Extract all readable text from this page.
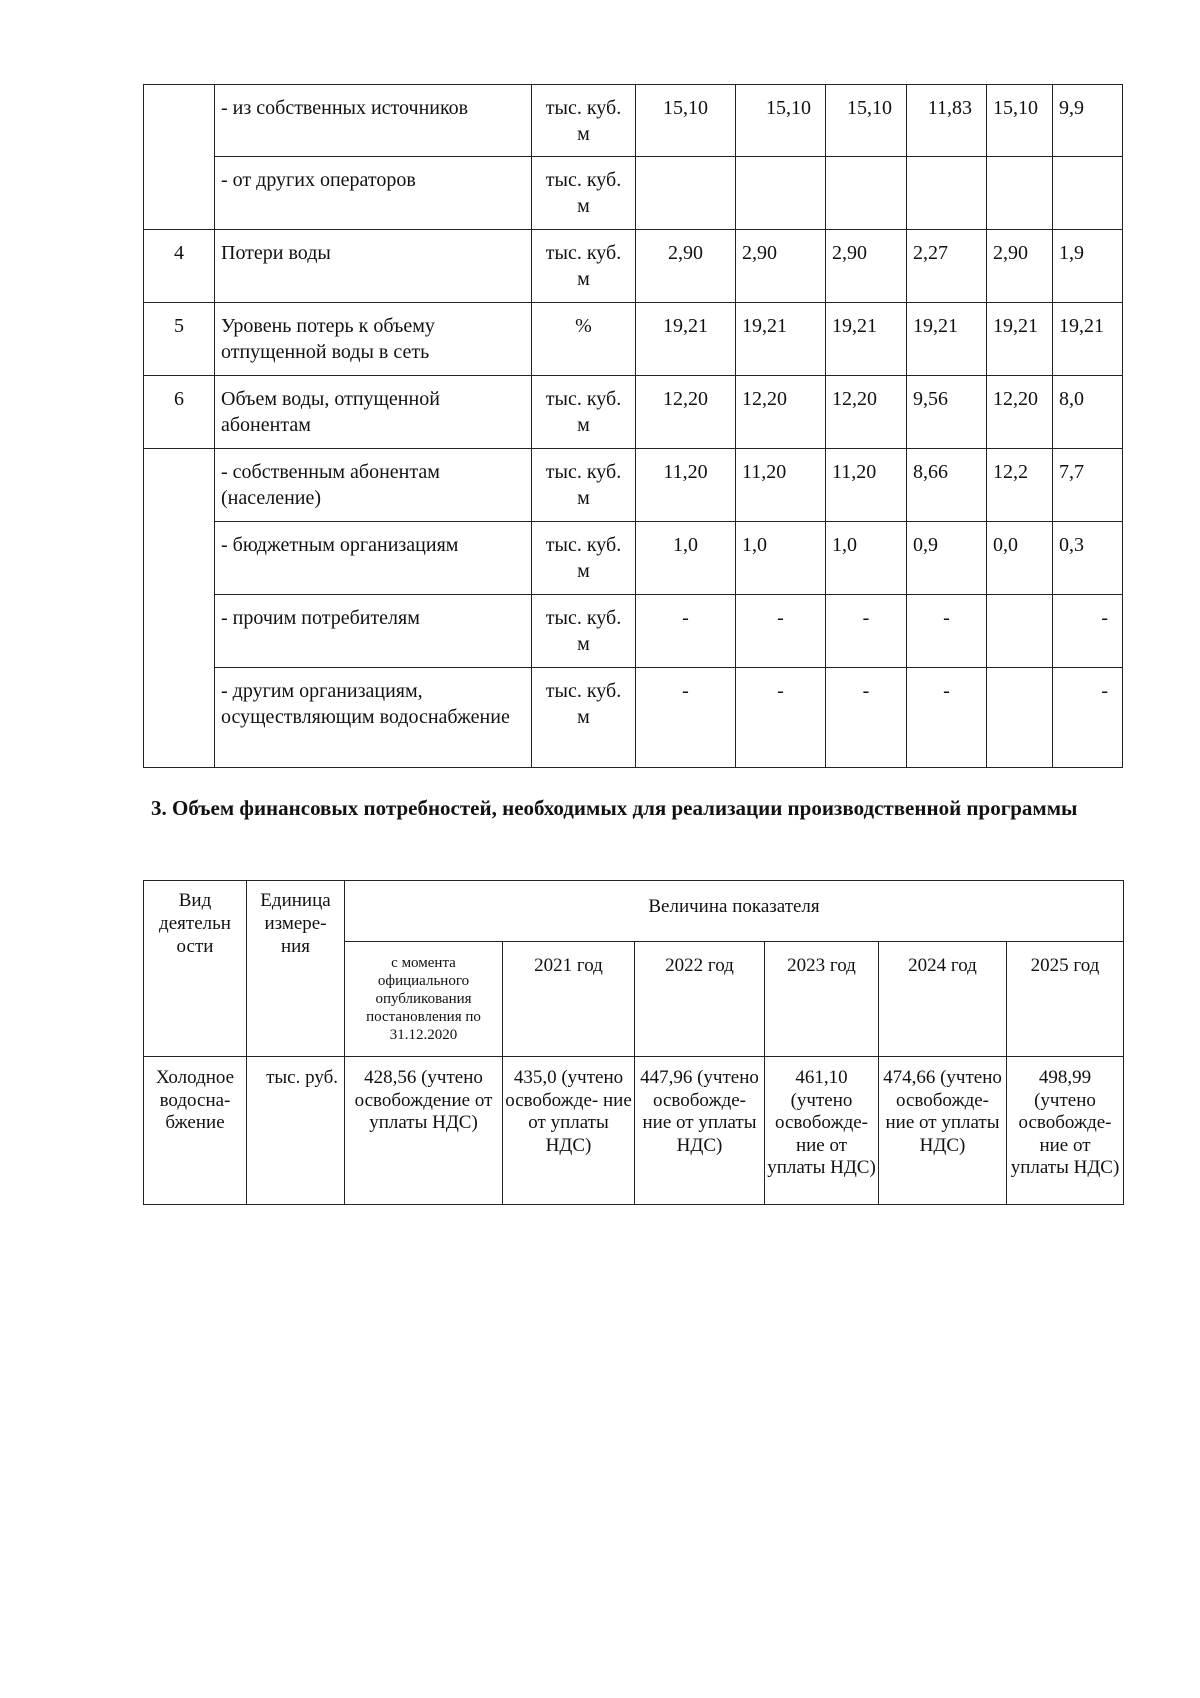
	- из собственных источников	тыс. куб. м	15,10	15,10	15,10	11,83	15,10	9,9
	- от других операторов	тыс. куб. м						
4	Потери воды	тыс. куб. м	2,90	2,90	2,90	2,27	2,90	1,9
5	Уровень потерь к объему отпущенной воды в сеть	%	19,21	19,21	19,21	19,21	19,21	19,21
6	Объем воды, отпущенной абонентам	тыс. куб. м	12,20	12,20	12,20	9,56	12,20	8,0
	- собственным абонентам (население)	тыс. куб. м	11,20	11,20	11,20	8,66	12,2	7,7
	- бюджетным организациям	тыс. куб. м	1,0	1,0	1,0	0,9	0,0	0,3
	- прочим потребителям	тыс. куб. м	-	-	-	-		-
	- другим организациям, осуществляющим водоснабжение	тыс. куб. м	-	-	-	-		-

3. Объем финансовых потребностей, необходимых для реализации производственной программы

Вид деятельн ости	Единица измере- ния	Величина показателя					
		с момента официального опубликования постановления по 31.12.2020	2021 год	2022 год	2023 год	2024 год	2025 год
Холодное водосна- бжение	тыс. руб.	428,56 (учтено освобождение от уплаты НДС)	435,0 (учтено освобожде- ние от уплаты НДС)	447,96 (учтено освобожде- ние от уплаты НДС)	461,10 (учтено освобожде- ние от уплаты НДС)	474,66 (учтено освобожде- ние от уплаты НДС)	498,99 (учтено освобожде- ние от уплаты НДС)
